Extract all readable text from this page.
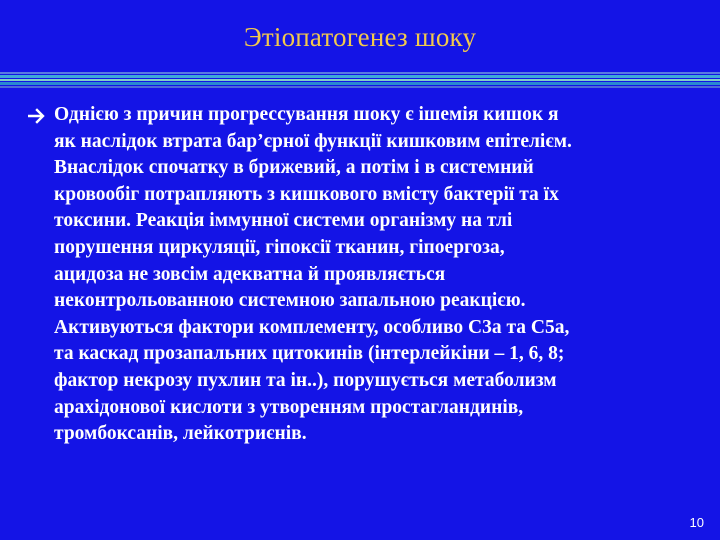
Этіопатогенез шоку

Однією з причин прогрессування шоку є ішемія кишок я
як наслідок втрата бар’єрної функції кишковим епітелієм.
Внаслідок спочатку в брижевий, а потім і в системний
кровообіг потрапляють з кишкового вмісту бактерії та їх
токсини. Реакція іммунної системи організму на тлі
порушення циркуляції, гіпоксії тканин, гіпоергоза,
ацидоза не зовсім адекватна й проявляється
неконтрольованною системною запальною реакцією.
Активуються фактори комплементу, особливо С3а та С5а,
та каскад прозапальних цитокинів (інтерлейкіни – 1, 6, 8;
фактор некрозу пухлин та ін..), порушується метаболизм
арахідонової кислоти з утворенням простагландинів,
тромбоксанів, лейкотриєнів.

10
